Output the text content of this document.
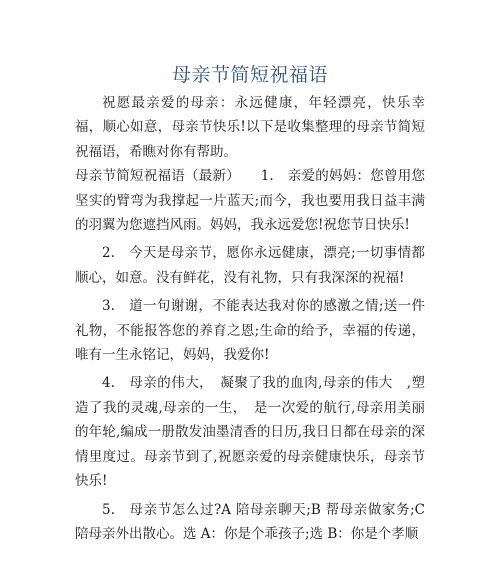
母亲节简短祝福语

祝愿最亲爱的母亲：永远健康，年轻漂亮，快乐幸福，顺心如意，母亲节快乐!以下是收集整理的母亲节简短祝福语，希瞧对你有帮助。

母亲节简短祝福语（最新）　　1.　亲爱的妈妈：您曾用您坚实的臂弯为我撑起一片蓝天;而今，我也要用我日益丰满的羽翼为您遮挡风雨。妈妈，我永远爱您!祝您节日快乐!

2.　今天是母亲节，愿你永远健康，漂亮;一切事情都顺心，如意。没有鲜花，没有礼物，只有我深深的祝福!

3.　道一句谢谢，不能表达我对你的感激之情;送一件礼物，不能报答您的养育之恩;生命的给予，幸福的传递，唯有一生永铭记，妈妈，我爱你!

4.　母亲的伟大，　凝聚了我的血肉,母亲的伟大　,塑造了我的灵魂,母亲的一生，　是一次爱的航行,母亲用美丽的年轮,编成一册散发油墨清香的日历,我日日都在母亲的深情里度过。母亲节到了,祝愿亲爱的母亲健康快乐，母亲节快乐!

5.　母亲节怎么过?A 陪母亲聊天;B 帮母亲做家务;C 陪母亲外出散心。选 A：你是个乖孩子;选 B：你是个孝顺
